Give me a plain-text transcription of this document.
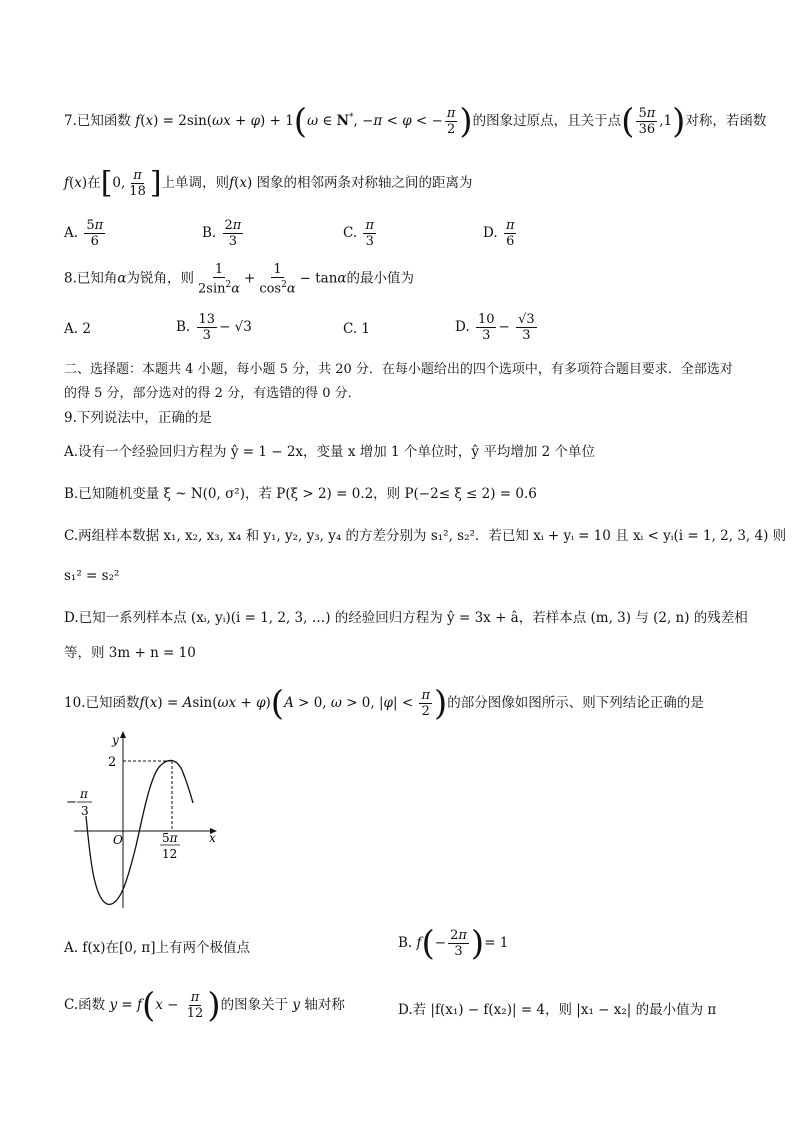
7.已知函数 f(x) = 2sin(ωx + φ) + 1(ω ∈ N*, −π < φ < − $\frac{\pi}{2}$ )的图象过原点，且关于点( $\frac{5\pi}{36} ,1$)对称，若函数
f(x)在[0, $\frac{\pi}{18}$ ]上单调，则f(x) 图象的相邻两条对称轴之间的距离为
A. $\frac{5\pi}{6}$	B. $\frac{2\pi}{3}$	C. $\frac{\pi}{3}$	D. $\frac{\pi}{6}$
8.已知角α为锐角，则 $\frac{1}{2\sin^2\alpha} + \frac{1}{\cos^2\alpha} - \tan\alpha$的最小值为
A. 2	B. $\frac{13}{3} - √3$	C. 1	D. $\frac{10}{3} - \frac{√3}{3}$
二、选择题：本题共 4 小题，每小题 5 分，共 20 分．在每小题给出的四个选项中，有多项符合题目要求．全部选对
的得 5 分，部分选对的得 2 分，有选错的得 0 分．
9.下列说法中，正确的是
A.设有一个经验回归方程为 ŷ = 1 − 2x，变量 x 增加 1 个单位时，ŷ 平均增加 2 个单位
B.已知随机变量 ξ ~ N(0, σ²)，若 P(ξ > 2) = 0.2，则 P(−2≤ ξ ≤ 2) = 0.6
C.两组样本数据 x₁, x₂, x₃, x₄ 和 y₁, y₂, y₃, y₄ 的方差分别为 s₁², s₂²．若已知 xᵢ + yᵢ = 10 且 xᵢ < yᵢ(i = 1, 2, 3, 4) 则
s₁² = s₂²
D.已知一系列样本点 (xᵢ, yᵢ)(i = 1, 2, 3, …) 的经验回归方程为 ŷ = 3x + â，若样本点 (m, 3) 与 (2, n) 的残差相
等，则 3m + n = 10
10.已知函数f(x) = Asin(ωx + φ)(A > 0, ω > 0, $|\varphi| < \frac{\pi}{2}$ )的部分图像如图所示、则下列结论正确的是
y
x
O
2
−
π
3
5π
12
A. f(x)在[0, π]上有两个极值点	B. $f(- \frac{2\pi}{3}$ )= 1
C.函数 $y = f(x - \frac{\pi}{12}$ )的图象关于 y 轴对称	D.若 |f(x₁) − f(x₂)| = 4，则 |x₁ − x₂| 的最小值为 π
